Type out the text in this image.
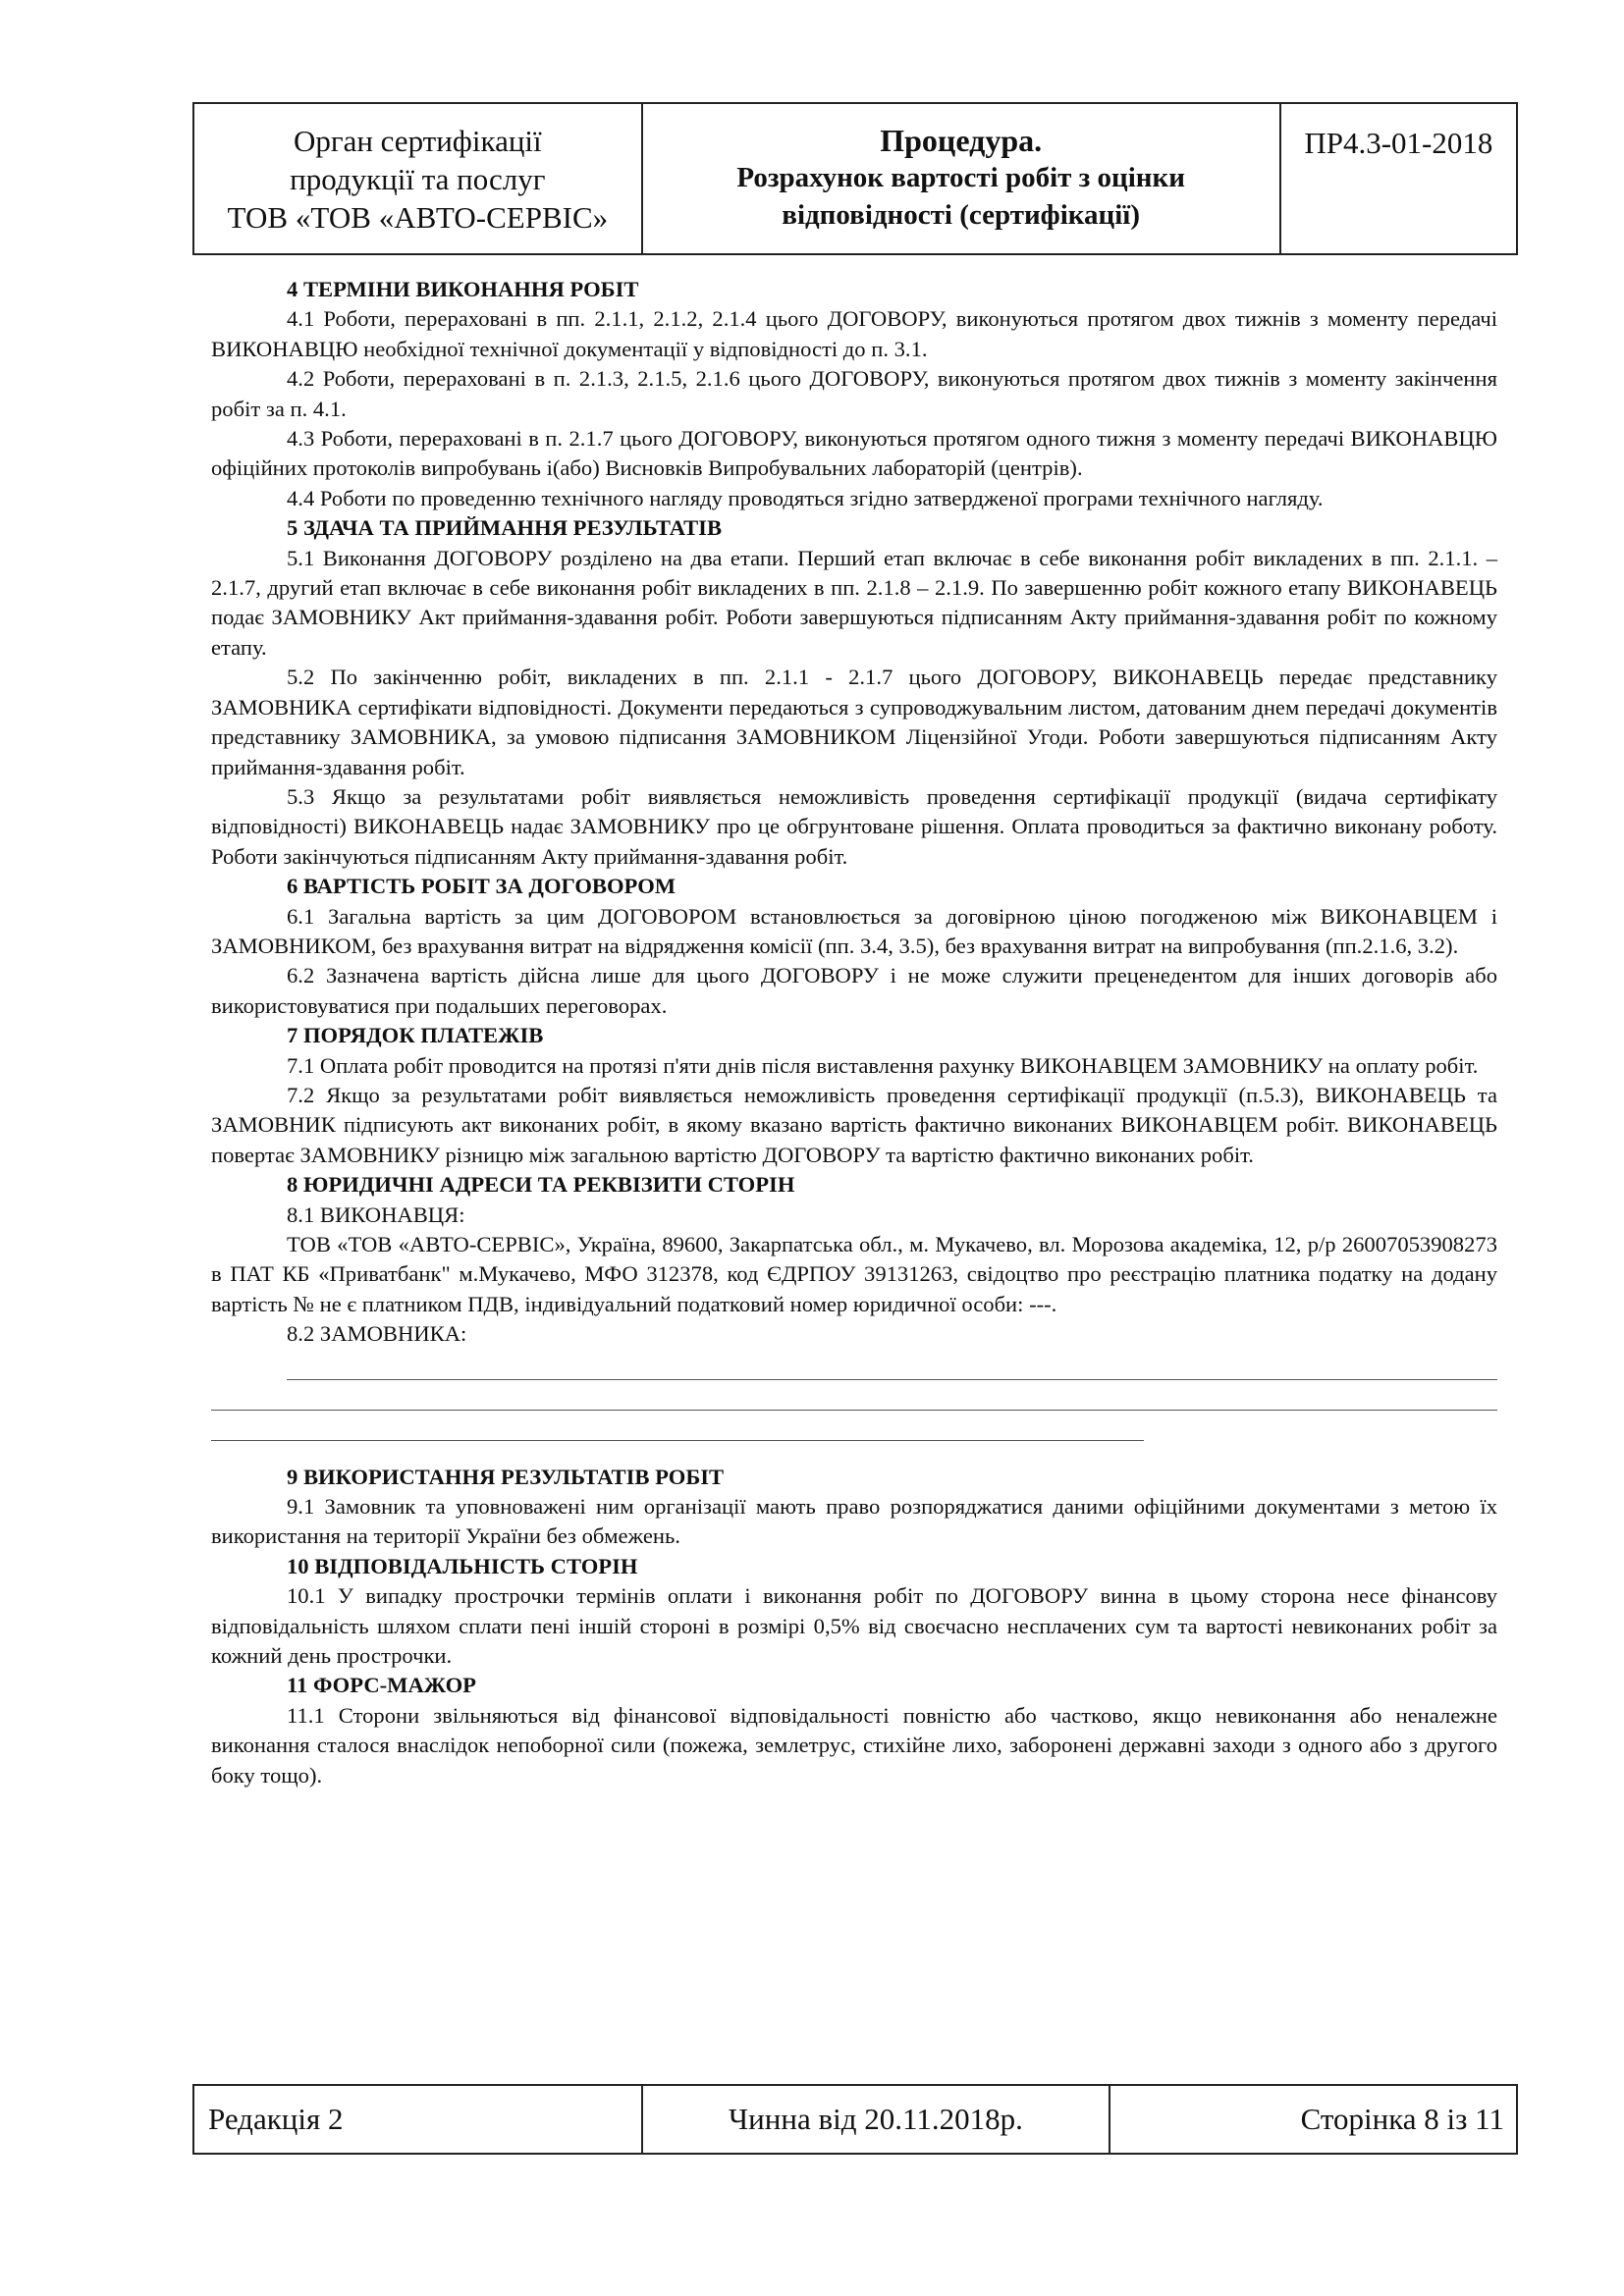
Орган сертифікації
продукції та послуг
ТОВ «ТОВ «АВТО-СЕРВІС»
Процедура.
Розрахунок вартості робіт з оцінки
відповідності (сертифікації)
ПР4.3-01-2018

4 ТЕРМІНИ ВИКОНАННЯ РОБІТ

4.1 Роботи, перераховані в пп. 2.1.1, 2.1.2, 2.1.4 цього ДОГОВОРУ, виконуються протягом двох тижнів з моменту передачі ВИКОНАВЦЮ необхідної технічної документації у відповідності до п. 3.1.

4.2 Роботи, перераховані в п. 2.1.3, 2.1.5, 2.1.6 цього ДОГОВОРУ, виконуються протягом двох тижнів з моменту закінчення робіт за п. 4.1.

4.3 Роботи, перераховані в п. 2.1.7 цього ДОГОВОРУ, виконуються протягом одного тижня з моменту передачі ВИКОНАВЦЮ офіційних протоколів випробувань і(або) Висновків Випробувальних лабораторій (центрів).

4.4 Роботи по проведенню технічного нагляду проводяться згідно затвердженої програми технічного нагляду.

5 ЗДАЧА ТА ПРИЙМАННЯ РЕЗУЛЬТАТІВ

5.1 Виконання ДОГОВОРУ розділено на два етапи. Перший етап включає в себе виконання робіт викладених в пп. 2.1.1. – 2.1.7, другий етап включає в себе виконання робіт викладених в пп. 2.1.8 – 2.1.9. По завершенню робіт кожного етапу ВИКОНАВЕЦЬ подає ЗАМОВНИКУ Акт приймання-здавання робіт. Роботи завершуються підписанням Акту приймання-здавання робіт по кожному етапу.

5.2 По закінченню робіт, викладених в пп. 2.1.1 - 2.1.7 цього ДОГОВОРУ, ВИКОНАВЕЦЬ передає представнику ЗАМОВНИКА сертифікати відповідності. Документи передаються з супроводжувальним листом, датованим днем передачі документів представнику ЗАМОВНИКА, за умовою підписання ЗАМОВНИКОМ Ліцензійної Угоди. Роботи завершуються підписанням Акту приймання-здавання робіт.

5.3 Якщо за результатами робіт виявляється неможливість проведення сертифікації продукції (видача сертифікату відповідності) ВИКОНАВЕЦЬ надає ЗАМОВНИКУ про це обгрунтоване рішення. Оплата проводиться за фактично виконану роботу. Роботи закінчуються підписанням Акту приймання-здавання робіт.

6 ВАРТІСТЬ РОБІТ ЗА ДОГОВОРОМ

6.1 Загальна вартість за цим ДОГОВОРОМ встановлюється за договірною ціною погодженою між ВИКОНАВЦЕМ і ЗАМОВНИКОМ, без врахування витрат на відрядження комісії (пп. 3.4, 3.5), без врахування витрат на випробування (пп.2.1.6, 3.2).

6.2 Зазначена вартість дійсна лише для цього ДОГОВОРУ і не може служити преценедентом для інших договорів або використовуватися при подальших переговорах.

7 ПОРЯДОК ПЛАТЕЖІВ

7.1 Оплата робіт проводится на протязі п'яти днів після виставлення рахунку ВИКОНАВЦЕМ ЗАМОВНИКУ на оплату робіт.

7.2 Якщо за результатами робіт виявляється неможливість проведення сертифікації продукції (п.5.3), ВИКОНАВЕЦЬ та ЗАМОВНИК підписують акт виконаних робіт, в якому вказано вартість фактично виконаних ВИКОНАВЦЕМ робіт. ВИКОНАВЕЦЬ повертає ЗАМОВНИКУ різницю між загальною вартістю ДОГОВОРУ та вартістю фактично виконаних робіт.

8 ЮРИДИЧНІ АДРЕСИ ТА РЕКВІЗИТИ СТОРІН

8.1 ВИКОНАВЦЯ:

ТОВ «ТОВ «АВТО-СЕРВІС», Україна, 89600, Закарпатська обл., м. Мукачево, вл. Морозова академіка, 12, р/р 26007053908273 в ПАТ КБ «Приватбанк" м.Мукачево, МФО 312378, код ЄДРПОУ 39131263, свідоцтво про реєстрацію платника податку на додану вартість № не є платником ПДВ, індивідуальний податковий номер юридичної особи: ---.

8.2 ЗАМОВНИКА:

9 ВИКОРИСТАННЯ РЕЗУЛЬТАТІВ РОБІТ

9.1 Замовник та уповноважені ним організації мають право розпоряджатися даними офіційними документами з метою їх використання на території України без обмежень.

10 ВІДПОВІДАЛЬНІСТЬ СТОРІН

10.1 У випадку прострочки термінів оплати і виконання робіт по ДОГОВОРУ винна в цьому сторона несе фінансову відповідальність шляхом сплати пені іншій стороні в розмірі 0,5% від своєчасно несплачених сум та вартості невиконаних робіт за кожний день прострочки.

11 ФОРС-МАЖОР

11.1 Сторони звільняються від фінансової відповідальності повністю або частково, якщо невиконання або неналежне виконання сталося внаслідок непоборної сили (пожежа, землетрус, стихійне лихо, заборонені державні заходи з одного або з другого боку тощо).

Редакція 2	Чинна від 20.11.2018р.	Сторінка 8 із 11
